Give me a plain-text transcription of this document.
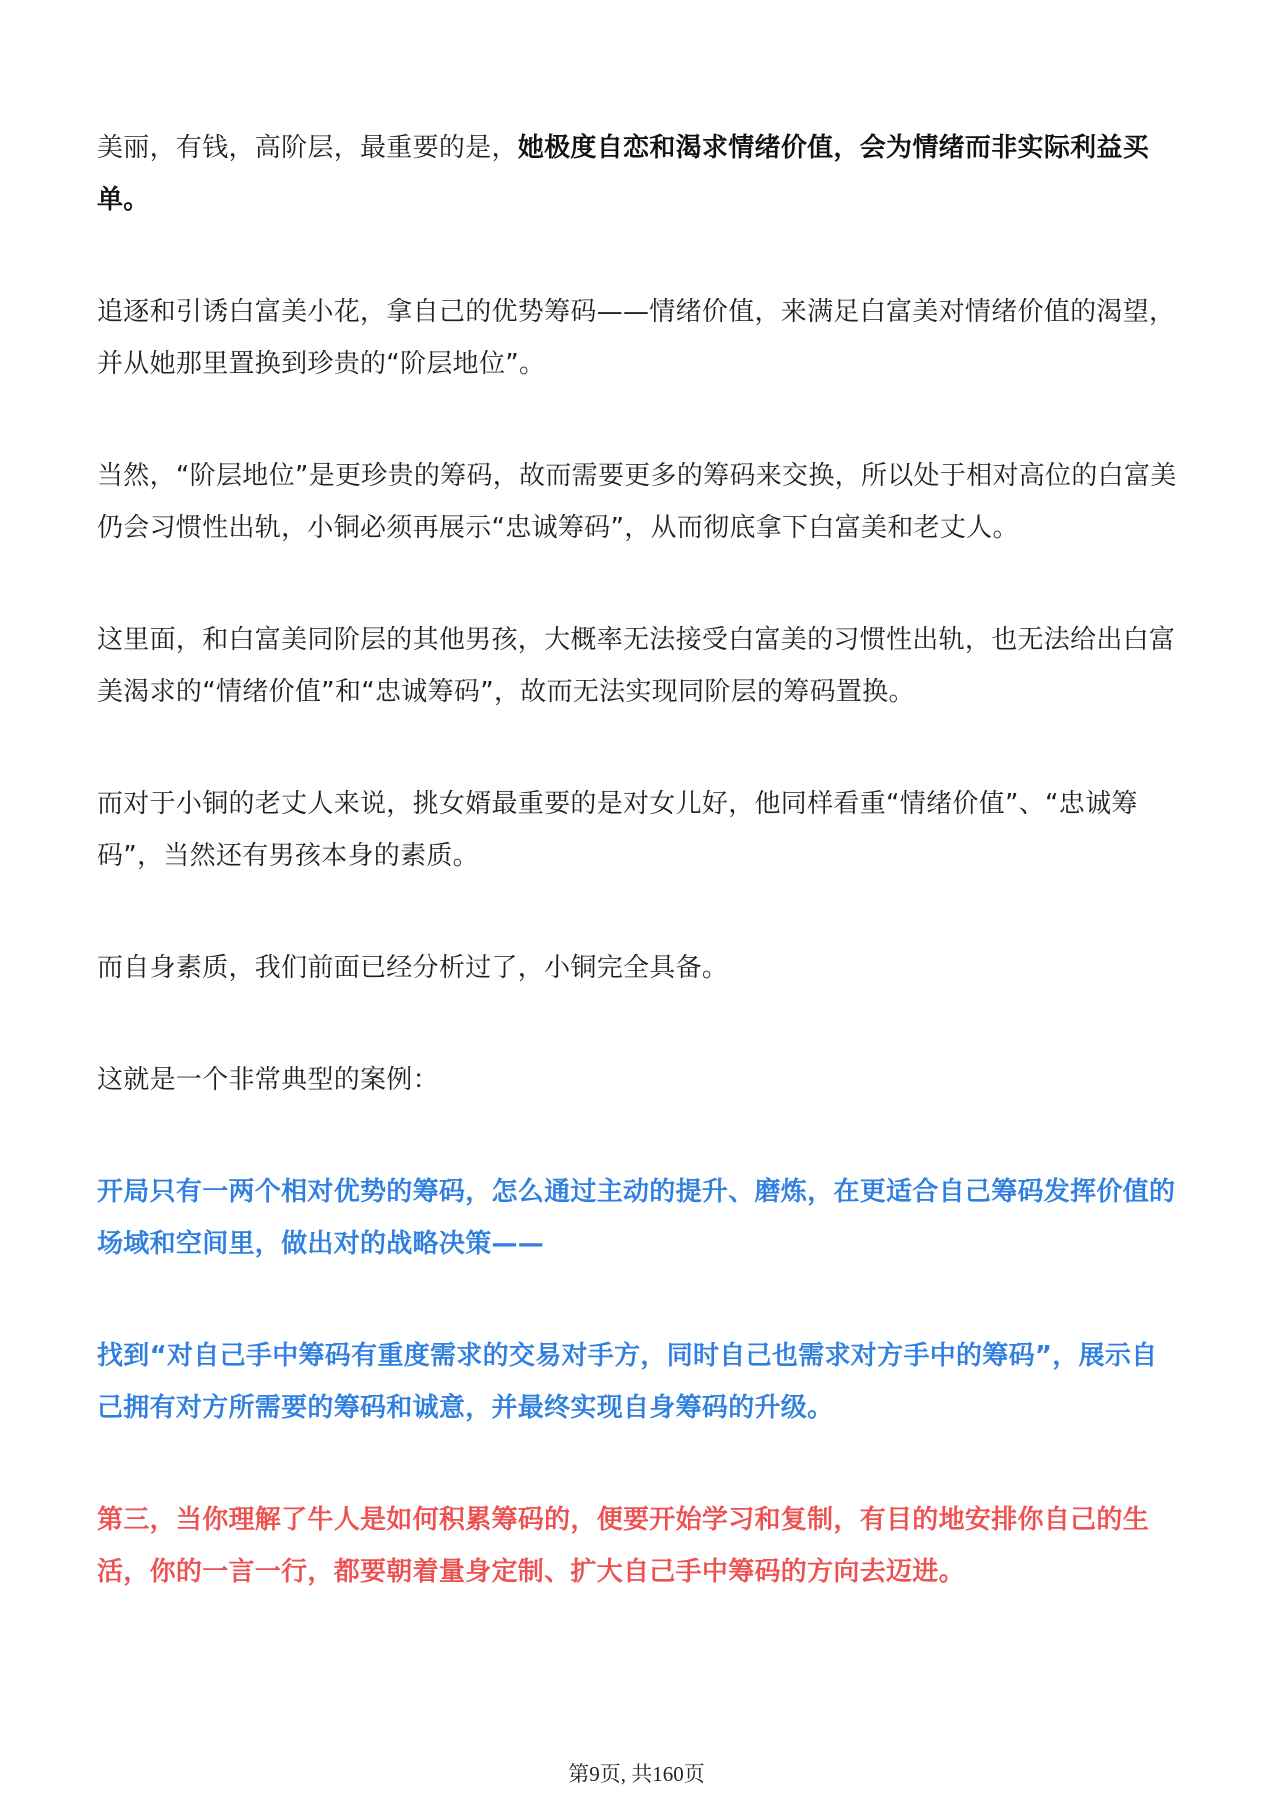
美丽，有钱，高阶层，最重要的是，她极度自恋和渴求情绪价值，会为情绪而非实际利益买单。

追逐和引诱白富美小花，拿自己的优势筹码——情绪价值，来满足白富美对情绪价值的渴望，并从她那里置换到珍贵的“阶层地位”。

当然，“阶层地位”是更珍贵的筹码，故而需要更多的筹码来交换，所以处于相对高位的白富美仍会习惯性出轨，小铜必须再展示“忠诚筹码”，从而彻底拿下白富美和老丈人。

这里面，和白富美同阶层的其他男孩，大概率无法接受白富美的习惯性出轨，也无法给出白富美渴求的“情绪价值”和“忠诚筹码”，故而无法实现同阶层的筹码置换。

而对于小铜的老丈人来说，挑女婿最重要的是对女儿好，他同样看重“情绪价值”、“忠诚筹码”，当然还有男孩本身的素质。

而自身素质，我们前面已经分析过了，小铜完全具备。

这就是一个非常典型的案例：

开局只有一两个相对优势的筹码，怎么通过主动的提升、磨炼，在更适合自己筹码发挥价值的场域和空间里，做出对的战略决策——

找到“对自己手中筹码有重度需求的交易对手方，同时自己也需求对方手中的筹码”，展示自己拥有对方所需要的筹码和诚意，并最终实现自身筹码的升级。

第三，当你理解了牛人是如何积累筹码的，便要开始学习和复制，有目的地安排你自己的生活，你的一言一行，都要朝着量身定制、扩大自己手中筹码的方向去迈进。

第9页, 共160页
